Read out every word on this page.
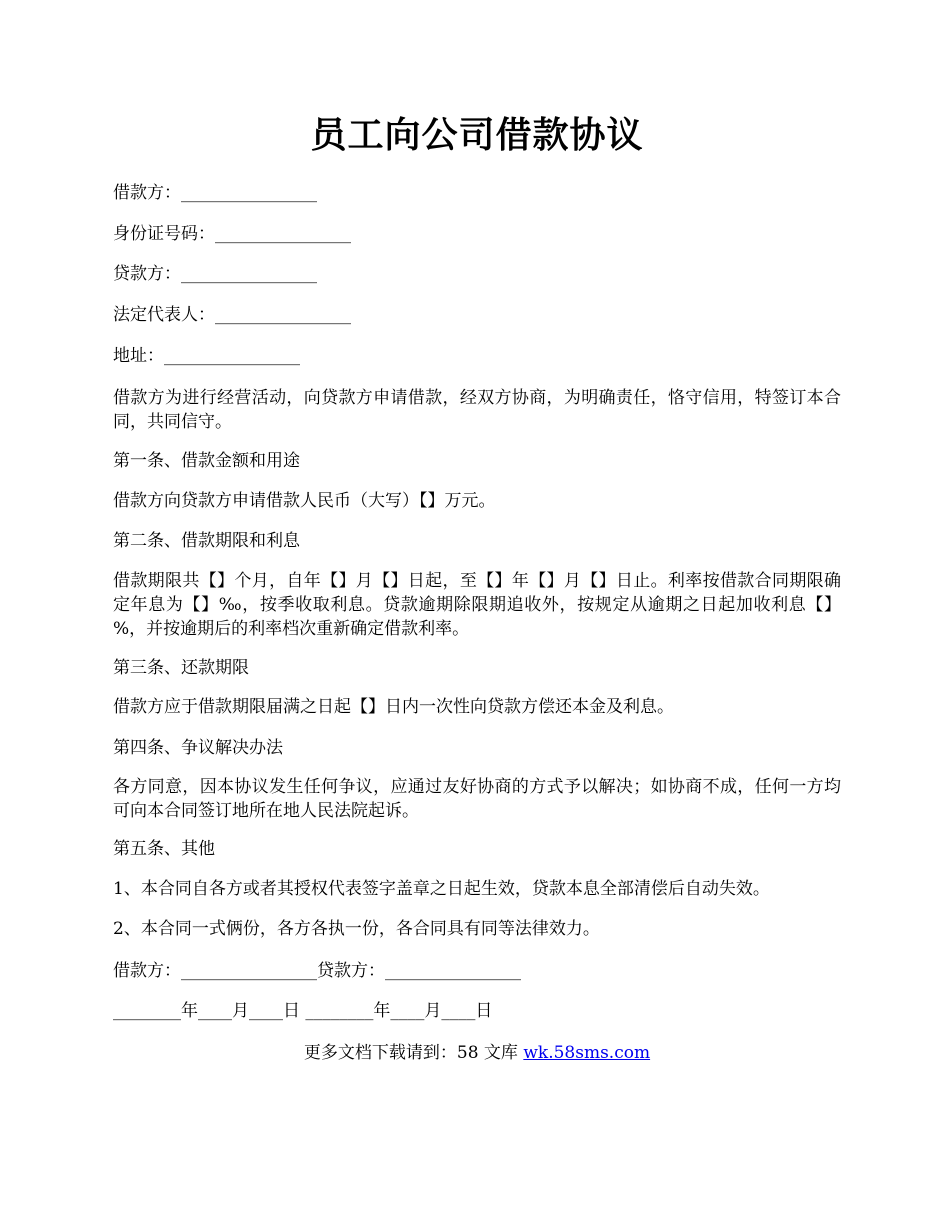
员工向公司借款协议
借款方：________________
身份证号码：________________
贷款方：________________
法定代表人：________________
地址：________________
借款方为进行经营活动，向贷款方申请借款，经双方协商，为明确责任，恪守信用，特签订本合同，共同信守。
第一条、借款金额和用途
借款方向贷款方申请借款人民币（大写）【】万元。
第二条、借款期限和利息
借款期限共【】个月，自年【】月【】日起，至【】年【】月【】日止。利率按借款合同期限确定年息为【】‰，按季收取利息。贷款逾期除限期追收外，按规定从逾期之日起加收利息【】%，并按逾期后的利率档次重新确定借款利率。
第三条、还款期限
借款方应于借款期限届满之日起【】日内一次性向贷款方偿还本金及利息。
第四条、争议解决办法
各方同意，因本协议发生任何争议，应通过友好协商的方式予以解决；如协商不成，任何一方均可向本合同签订地所在地人民法院起诉。
第五条、其他
1、本合同自各方或者其授权代表签字盖章之日起生效，贷款本息全部清偿后自动失效。
2、本合同一式俩份，各方各执一份，各合同具有同等法律效力。
借款方：________________贷款方：________________
________年____月____日 ________年____月____日
更多文档下载请到：58 文库 wk.58sms.com
